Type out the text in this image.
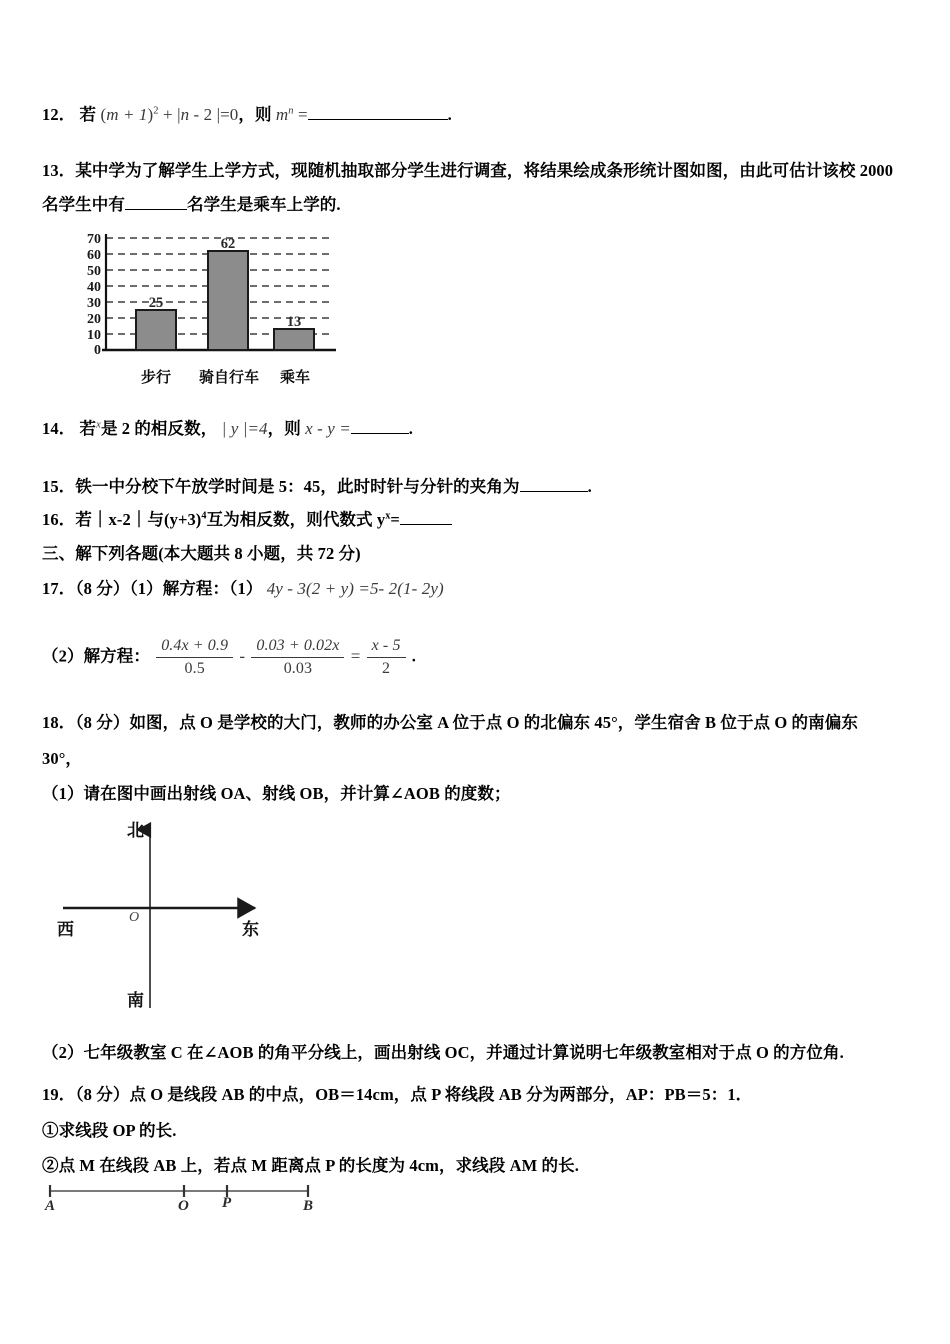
12． 若 $(m + 1)^2 + |n - 2$ |=0，则 $m^n$ =	.
13．某中学为了解学生上学方式，现随机抽取部分学生进行调查，将结果绘成条形统计图如图，由此可估计该校 2000
名学生中有	名学生是乘车上学的.
70
60
50
40
30
20
10
0
25
62
13
步行	骑自行车	乘车
14． 若$^x$是 2 的相反数， | y |=4，则 x - y =	.
15．铁一中分校下午放学时间是 5：45，此时时针与分针的夹角为	.
16．若｜x-2｜与$(y+3)^4$互为相反数，则代数式 $y^x=$
三、解下列各题(本大题共 8 小题，共 72 分)
17．（8 分）（1）解方程：（1） 4y - 3(2 + y) =5- 2(1- 2y)
（2）解方程： $\frac{0.4x + 0.9}{0.5} - \frac{0.03 + 0.02x}{0.03} = \frac{x - 5}{2}$ .
18．（8 分）如图，点 O 是学校的大门，教师的办公室 A 位于点 O 的北偏东 45°，学生宿舍 B 位于点 O 的南偏东
30°，
（1）请在图中画出射线 OA、射线 OB，并计算∠AOB 的度数；
北
南
东
西
O
（2）七年级教室 C 在∠AOB 的角平分线上，画出射线 OC，并通过计算说明七年级教室相对于点 O 的方位角.
19．（8 分）点 O 是线段 AB 的中点，OB＝14cm，点 P 将线段 AB 分为两部分，AP：PB＝5：1．
①求线段 OP 的长.
②点 M 在线段 AB 上，若点 M 距离点 P 的长度为 4cm，求线段 AM 的长.
A	O P	B
